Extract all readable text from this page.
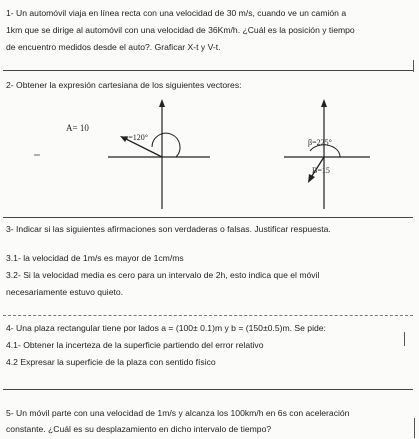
1- Un automóvil viaja en línea recta con una velocidad de 30 m/s, cuando ve un camión a
1km que se dirige al automóvil con una velocidad de 36Km/h. ¿Cuál es la posición y tiempo
de encuentro medidos desde el auto?. Graficar X-t y V-t.
2- Obtener la expresión cartesiana de los siguientes vectores:
A= 10
α=120°
β=225°
B=15
3- Indicar si las siguientes afirmaciones son verdaderas o falsas. Justificar respuesta.
3.1- la velocidad de 1m/s es mayor de 1cm/ms
3.2- Si la velocidad media es cero para un intervalo de 2h, esto indica que el móvil
necesariamente estuvo quieto.
4- Una plaza rectangular tiene por lados a = (100± 0.1)m y b = (150±0.5)m. Se pide:
4.1- Obtener la incerteza de la superficie partiendo del error relativo
4.2 Expresar la superficie de la plaza con sentido físico
5- Un móvil parte con una velocidad de 1m/s y alcanza los 100km/h en 6s con aceleración
constante. ¿Cuál es su desplazamiento en dicho intervalo de tiempo?
